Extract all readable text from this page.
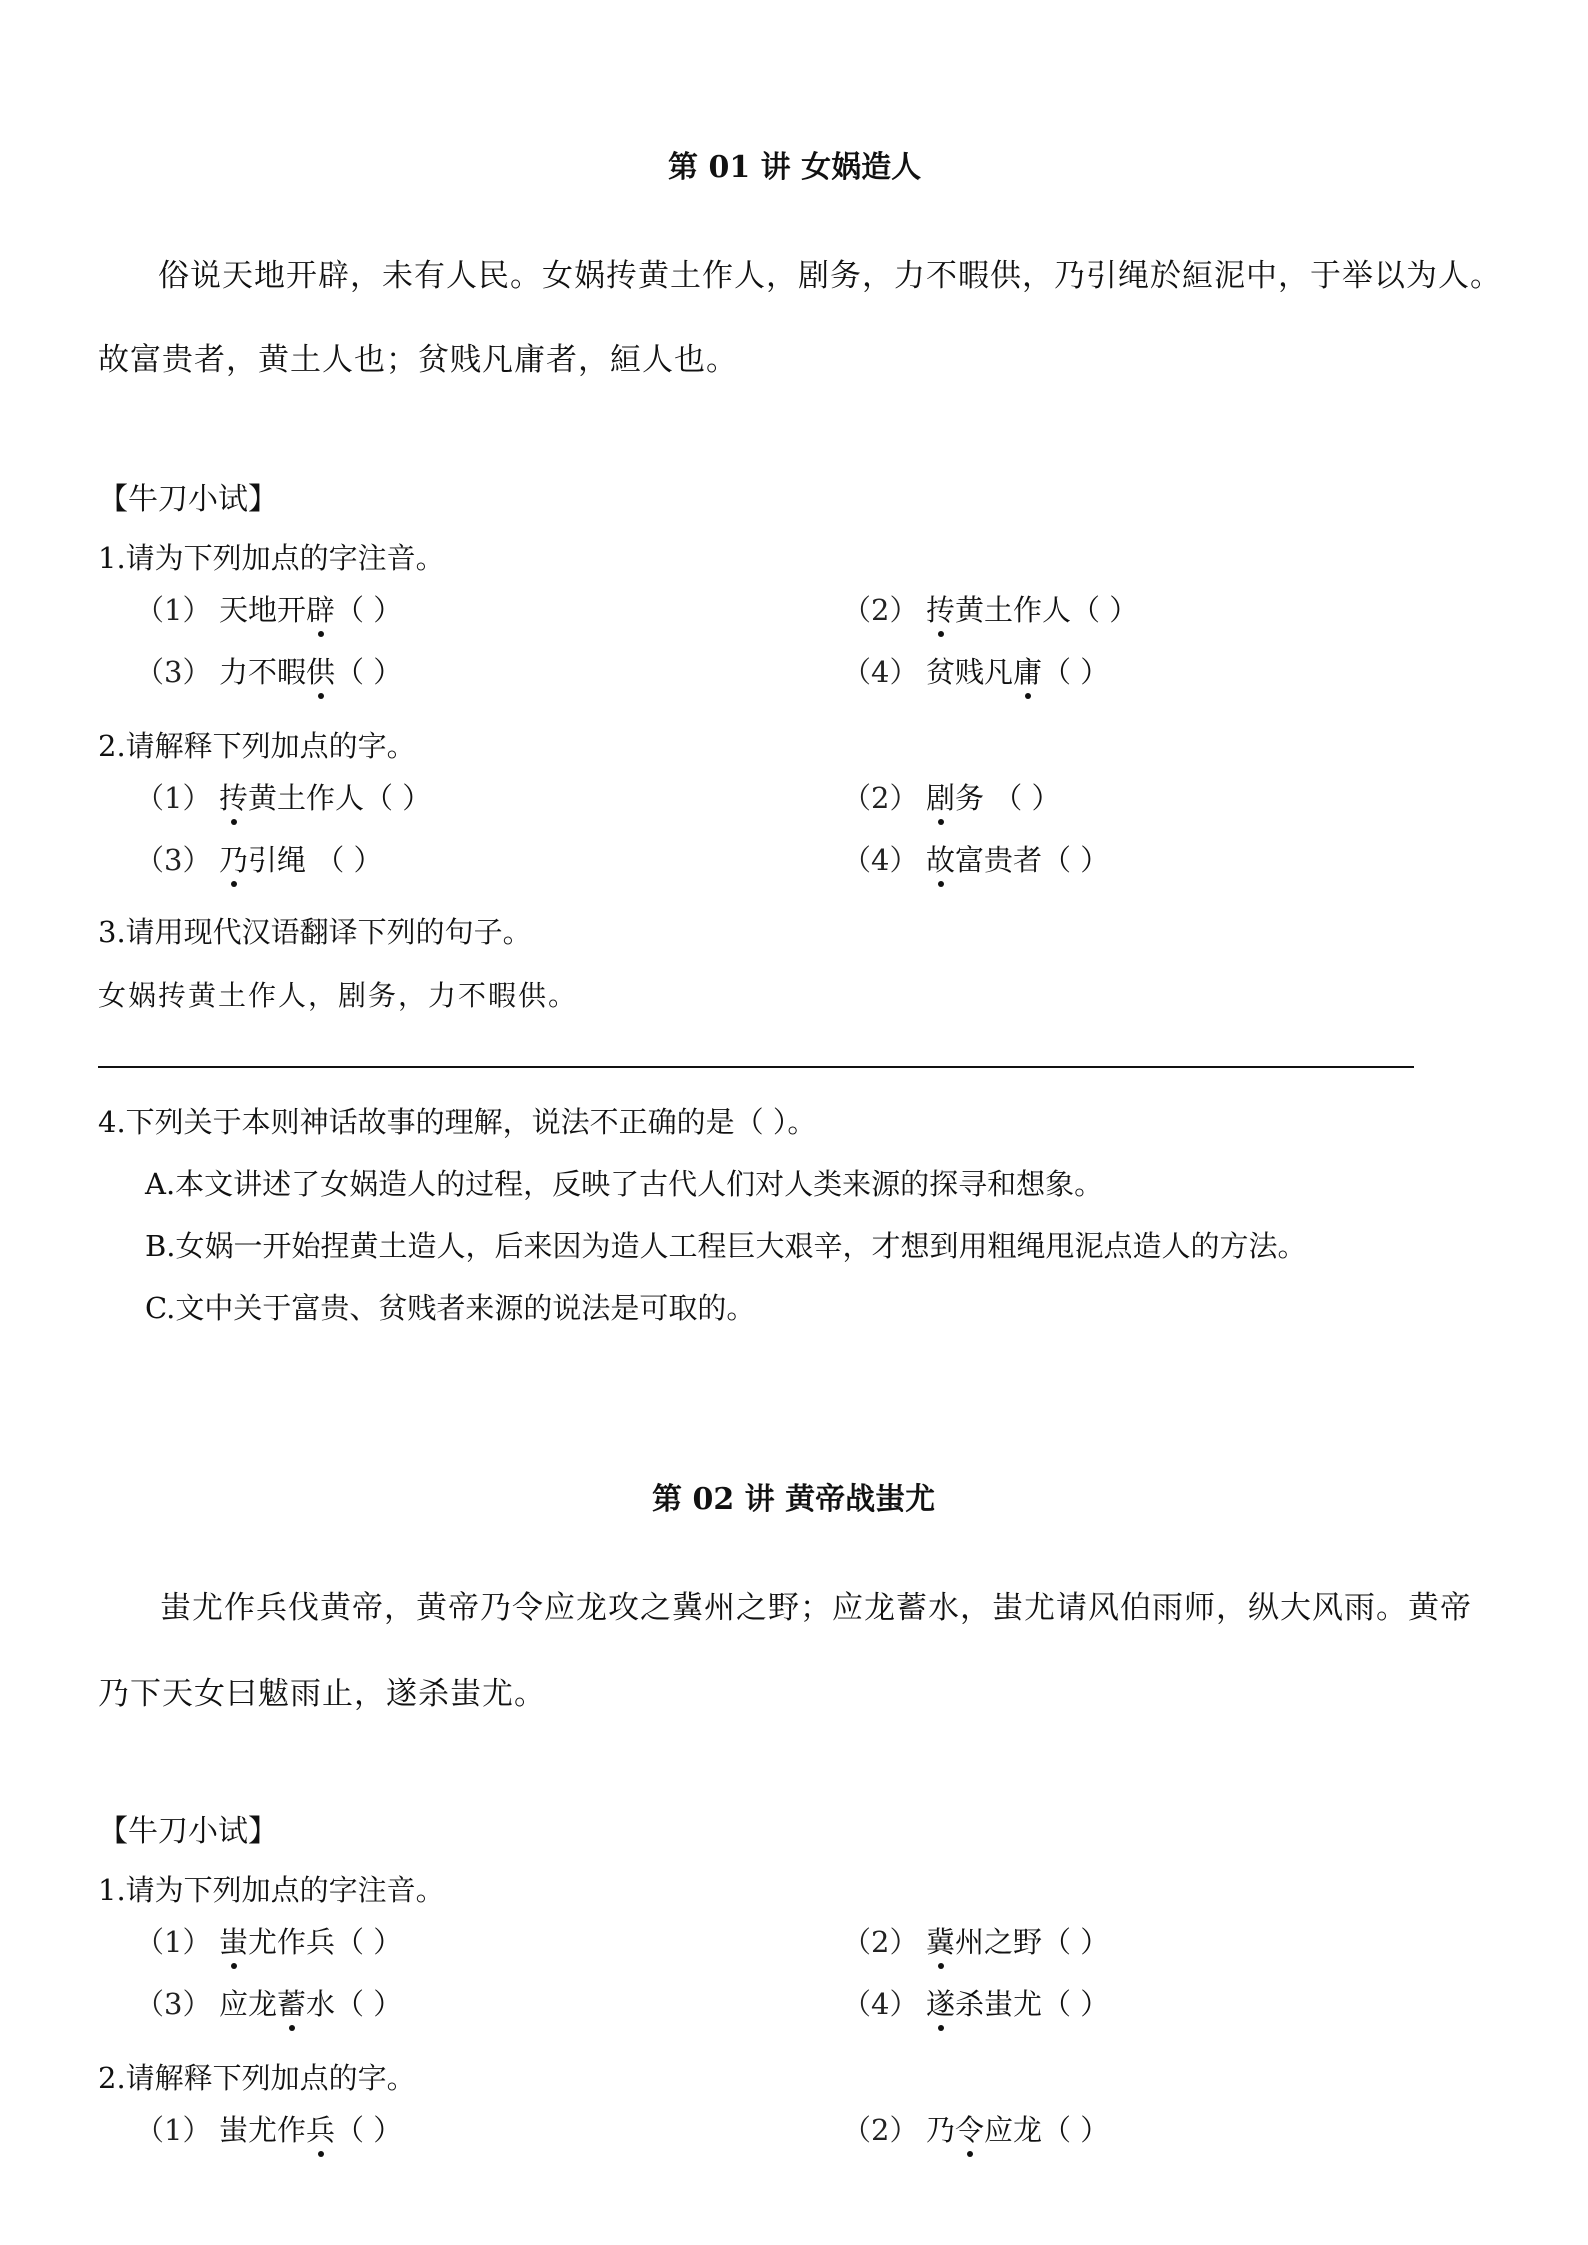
第 01 讲 女娲造人
俗说天地开辟，未有人民。女娲抟黄土作人，剧务，力不暇供，乃引绳於絙泥中，于举以为人。
故富贵者，黄土人也；贫贱凡庸者，絙人也。
【牛刀小试】
1.请为下列加点的字注音。
（1） 天地开辟（ ）	（2） 抟黄土作人（ ）
（3） 力不暇供（ ）	（4） 贫贱凡庸（ ）
2.请解释下列加点的字。
（1） 抟黄土作人（ ）	（2） 剧务 （ ）
（3） 乃引绳 （ ）	（4） 故富贵者（ ）
3.请用现代汉语翻译下列的句子。
女娲抟黄土作人，剧务，力不暇供。
4.下列关于本则神话故事的理解，说法不正确的是（ ）。
A.本文讲述了女娲造人的过程，反映了古代人们对人类来源的探寻和想象。
B.女娲一开始捏黄土造人，后来因为造人工程巨大艰辛，才想到用粗绳甩泥点造人的方法。
C.文中关于富贵、贫贱者来源的说法是可取的。
第 02 讲 黄帝战蚩尤
蚩尤作兵伐黄帝，黄帝乃令应龙攻之冀州之野；应龙蓄水，蚩尤请风伯雨师，纵大风雨。黄帝
乃下天女曰魃雨止，遂杀蚩尤。
【牛刀小试】
1.请为下列加点的字注音。
（1） 蚩尤作兵（ ）	（2） 冀州之野（ ）
（3） 应龙蓄水（ ）	（4） 遂杀蚩尤（ ）
2.请解释下列加点的字。
（1） 蚩尤作兵（ ）	（2） 乃令应龙（ ）
